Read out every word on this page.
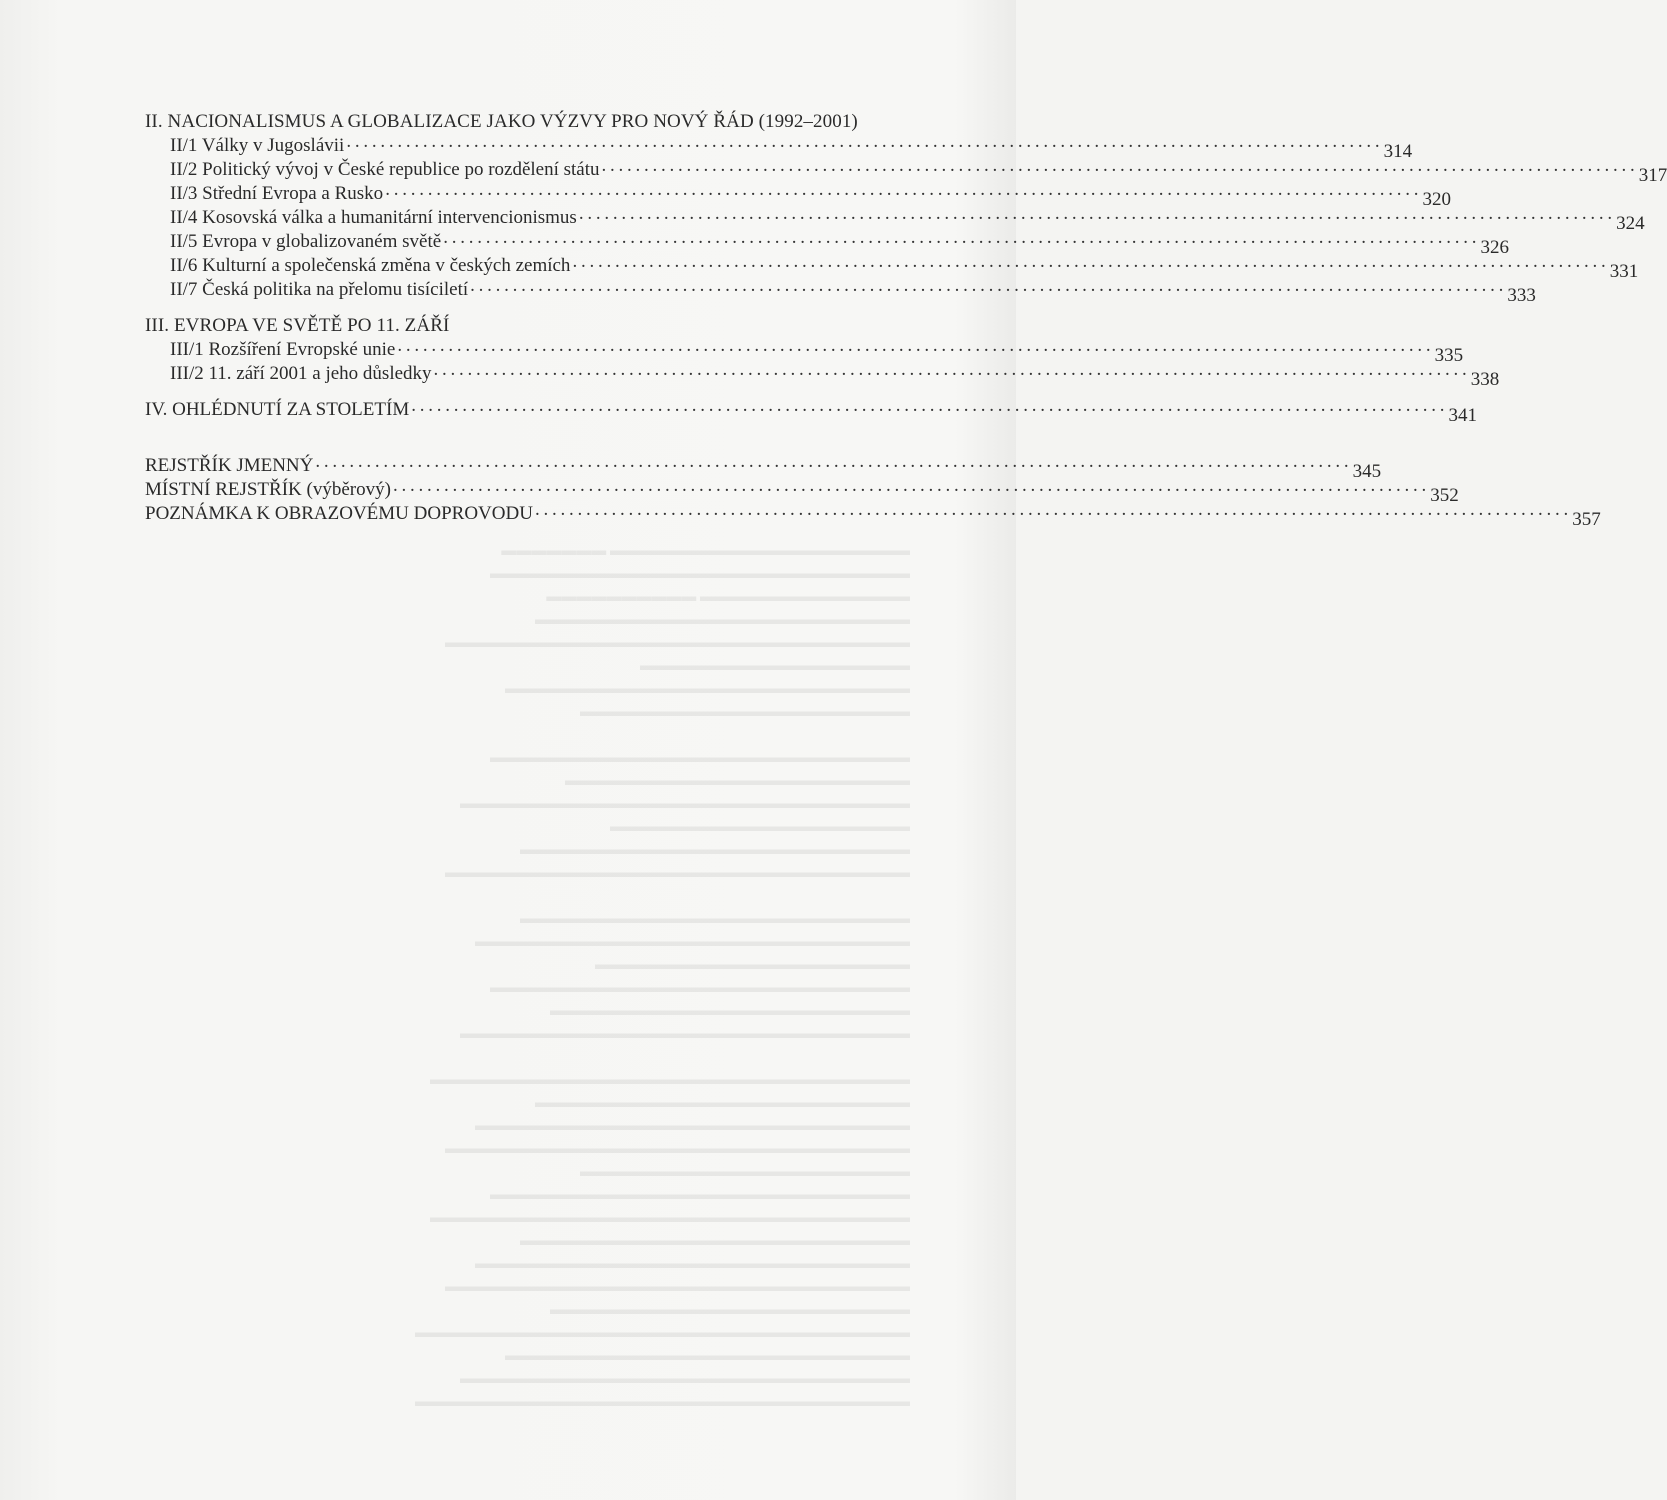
▬▬▬▬▬▬▬▬▬▬▬▬▬▬▬▬▬▬▬▬ ▬▬▬▬▬▬▬
▬▬▬▬▬▬▬▬▬▬▬▬▬▬▬▬▬▬▬▬▬▬▬▬▬▬▬▬
▬▬▬▬▬▬▬▬▬▬▬▬▬▬ ▬▬▬▬▬▬▬▬▬▬
▬▬▬▬▬▬▬▬▬▬▬▬▬▬▬▬▬▬▬▬▬▬▬▬▬
▬▬▬▬▬▬▬▬▬▬▬▬▬▬▬▬▬▬▬▬▬▬▬▬▬▬▬▬▬▬▬
▬▬▬▬▬▬▬▬▬▬▬▬▬▬▬▬▬▬
▬▬▬▬▬▬▬▬▬▬▬▬▬▬▬▬▬▬▬▬▬▬▬▬▬▬▬
▬▬▬▬▬▬▬▬▬▬▬▬▬▬▬▬▬▬▬▬▬▬

▬▬▬▬▬▬▬▬▬▬▬▬▬▬▬▬▬▬▬▬▬▬▬▬▬▬▬▬
▬▬▬▬▬▬▬▬▬▬▬▬▬▬▬▬▬▬▬▬▬▬▬
▬▬▬▬▬▬▬▬▬▬▬▬▬▬▬▬▬▬▬▬▬▬▬▬▬▬▬▬▬▬
▬▬▬▬▬▬▬▬▬▬▬▬▬▬▬▬▬▬▬▬
▬▬▬▬▬▬▬▬▬▬▬▬▬▬▬▬▬▬▬▬▬▬▬▬▬▬
▬▬▬▬▬▬▬▬▬▬▬▬▬▬▬▬▬▬▬▬▬▬▬▬▬▬▬▬▬▬▬

▬▬▬▬▬▬▬▬▬▬▬▬▬▬▬▬▬▬▬▬▬▬▬▬▬▬
▬▬▬▬▬▬▬▬▬▬▬▬▬▬▬▬▬▬▬▬▬▬▬▬▬▬▬▬▬
▬▬▬▬▬▬▬▬▬▬▬▬▬▬▬▬▬▬▬▬▬
▬▬▬▬▬▬▬▬▬▬▬▬▬▬▬▬▬▬▬▬▬▬▬▬▬▬▬▬
▬▬▬▬▬▬▬▬▬▬▬▬▬▬▬▬▬▬▬▬▬▬▬▬
▬▬▬▬▬▬▬▬▬▬▬▬▬▬▬▬▬▬▬▬▬▬▬▬▬▬▬▬▬▬

▬▬▬▬▬▬▬▬▬▬▬▬▬▬▬▬▬▬▬▬▬▬▬▬▬▬▬▬▬▬▬▬
▬▬▬▬▬▬▬▬▬▬▬▬▬▬▬▬▬▬▬▬▬▬▬▬▬
▬▬▬▬▬▬▬▬▬▬▬▬▬▬▬▬▬▬▬▬▬▬▬▬▬▬▬▬▬
▬▬▬▬▬▬▬▬▬▬▬▬▬▬▬▬▬▬▬▬▬▬▬▬▬▬▬▬▬▬▬
▬▬▬▬▬▬▬▬▬▬▬▬▬▬▬▬▬▬▬▬▬▬
▬▬▬▬▬▬▬▬▬▬▬▬▬▬▬▬▬▬▬▬▬▬▬▬▬▬▬▬
▬▬▬▬▬▬▬▬▬▬▬▬▬▬▬▬▬▬▬▬▬▬▬▬▬▬▬▬▬▬▬▬
▬▬▬▬▬▬▬▬▬▬▬▬▬▬▬▬▬▬▬▬▬▬▬▬▬▬
▬▬▬▬▬▬▬▬▬▬▬▬▬▬▬▬▬▬▬▬▬▬▬▬▬▬▬▬▬
▬▬▬▬▬▬▬▬▬▬▬▬▬▬▬▬▬▬▬▬▬▬▬▬▬▬▬▬▬▬▬
▬▬▬▬▬▬▬▬▬▬▬▬▬▬▬▬▬▬▬▬▬▬▬▬
▬▬▬▬▬▬▬▬▬▬▬▬▬▬▬▬▬▬▬▬▬▬▬▬▬▬▬▬▬▬▬▬▬
▬▬▬▬▬▬▬▬▬▬▬▬▬▬▬▬▬▬▬▬▬▬▬▬▬▬▬
▬▬▬▬▬▬▬▬▬▬▬▬▬▬▬▬▬▬▬▬▬▬▬▬▬▬▬▬▬▬
▬▬▬▬▬▬▬▬▬▬▬▬▬▬▬▬▬▬▬▬▬▬▬▬▬▬▬▬▬▬▬▬▬

II. NACIONALISMUS A GLOBALIZACE JAKO VÝZVY PRO NOVÝ ŘÁD (1992–2001)
II/1 Války v Jugoslávii . . .	314
II/2 Politický vývoj v České republice po rozdělení státu . . .	317
II/3 Střední Evropa a Rusko . . .	320
II/4 Kosovská válka a humanitární intervencionismus . . .	324
II/5 Evropa v globalizovaném světě . . .	326
II/6 Kulturní a společenská změna v českých zemích . . .	331
II/7 Česká politika na přelomu tisíciletí . . .	333
III. EVROPA VE SVĚTĚ PO 11. ZÁŘÍ
III/1 Rozšíření Evropské unie . . .	335
III/2 11. září 2001 a jeho důsledky . . .	338
IV. OHLÉDNUTÍ ZA STOLETÍM . . .	341
REJSTŘÍK JMENNÝ . . .	345
MÍSTNÍ REJSTŘÍK (výběrový) . . .	352
POZNÁMKA K OBRAZOVÉMU DOPROVODU . . .	357
